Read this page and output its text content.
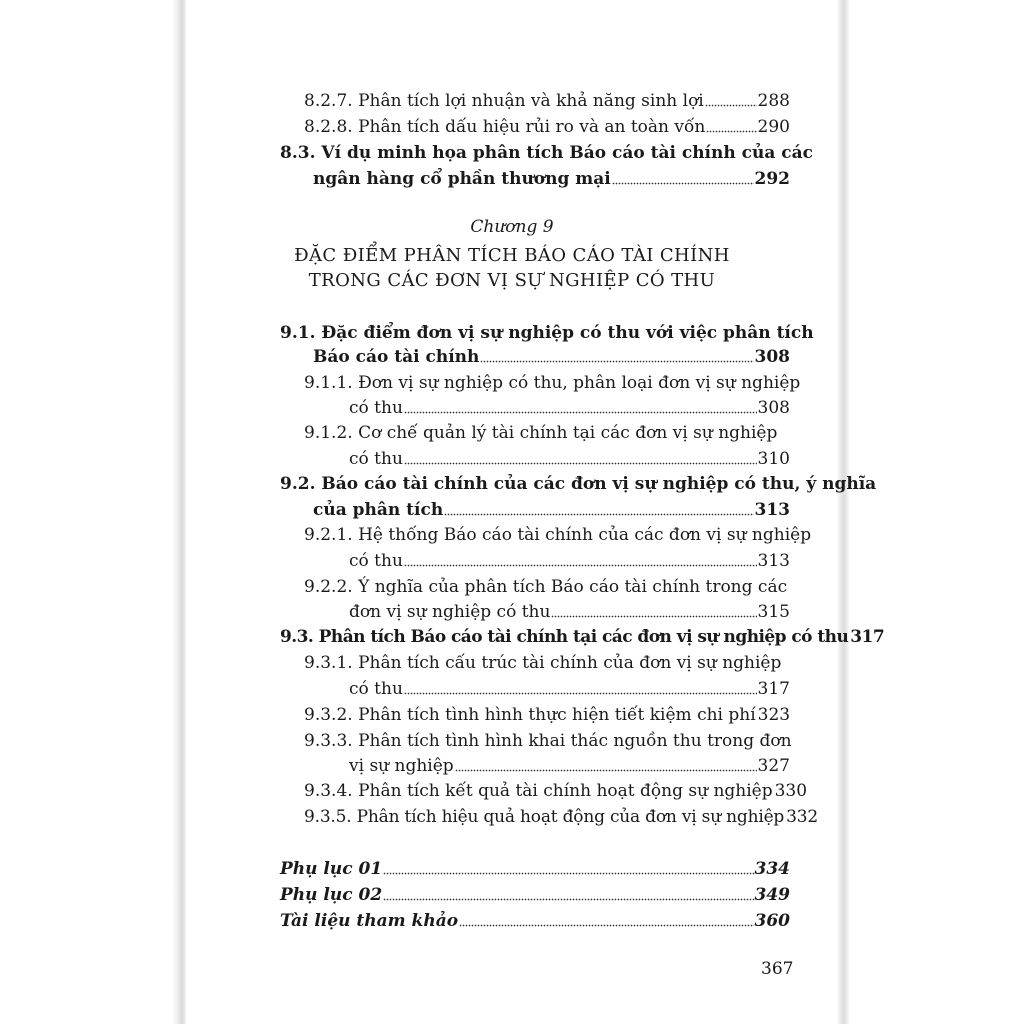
8.2.7. Phân tích lợi nhuận và khả năng sinh lợi	288
8.2.8. Phân tích dấu hiệu rủi ro và an toàn vốn	290
8.3. Ví dụ minh họa phân tích Báo cáo tài chính của các
ngân hàng cổ phần thương mại	292
Chương 9
ĐẶC ĐIỂM PHÂN TÍCH BÁO CÁO TÀI CHÍNH
TRONG CÁC ĐƠN VỊ SỰ NGHIỆP CÓ THU
9.1. Đặc điểm đơn vị sự nghiệp có thu với việc phân tích
Báo cáo tài chính	308
9.1.1. Đơn vị sự nghiệp có thu, phân loại đơn vị sự nghiệp
có thu	308
9.1.2. Cơ chế quản lý tài chính tại các đơn vị sự nghiệp
có thu	310
9.2. Báo cáo tài chính của các đơn vị sự nghiệp có thu, ý nghĩa
của phân tích	313
9.2.1. Hệ thống Báo cáo tài chính của các đơn vị sự nghiệp
có thu	313
9.2.2. Ý nghĩa của phân tích Báo cáo tài chính trong các
đơn vị sự nghiệp có thu	315
9.3. Phân tích Báo cáo tài chính tại các đơn vị sự nghiệp có thu 317
9.3.1. Phân tích cấu trúc tài chính của đơn vị sự nghiệp
có thu	317
9.3.2. Phân tích tình hình thực hiện tiết kiệm chi phí 323
9.3.3. Phân tích tình hình khai thác nguồn thu trong đơn
vị sự nghiệp	327
9.3.4. Phân tích kết quả tài chính hoạt động sự nghiệp 330
9.3.5. Phân tích hiệu quả hoạt động của đơn vị sự nghiệp 332
Phụ lục 01	334
Phụ lục 02	349
Tài liệu tham khảo	360
367
